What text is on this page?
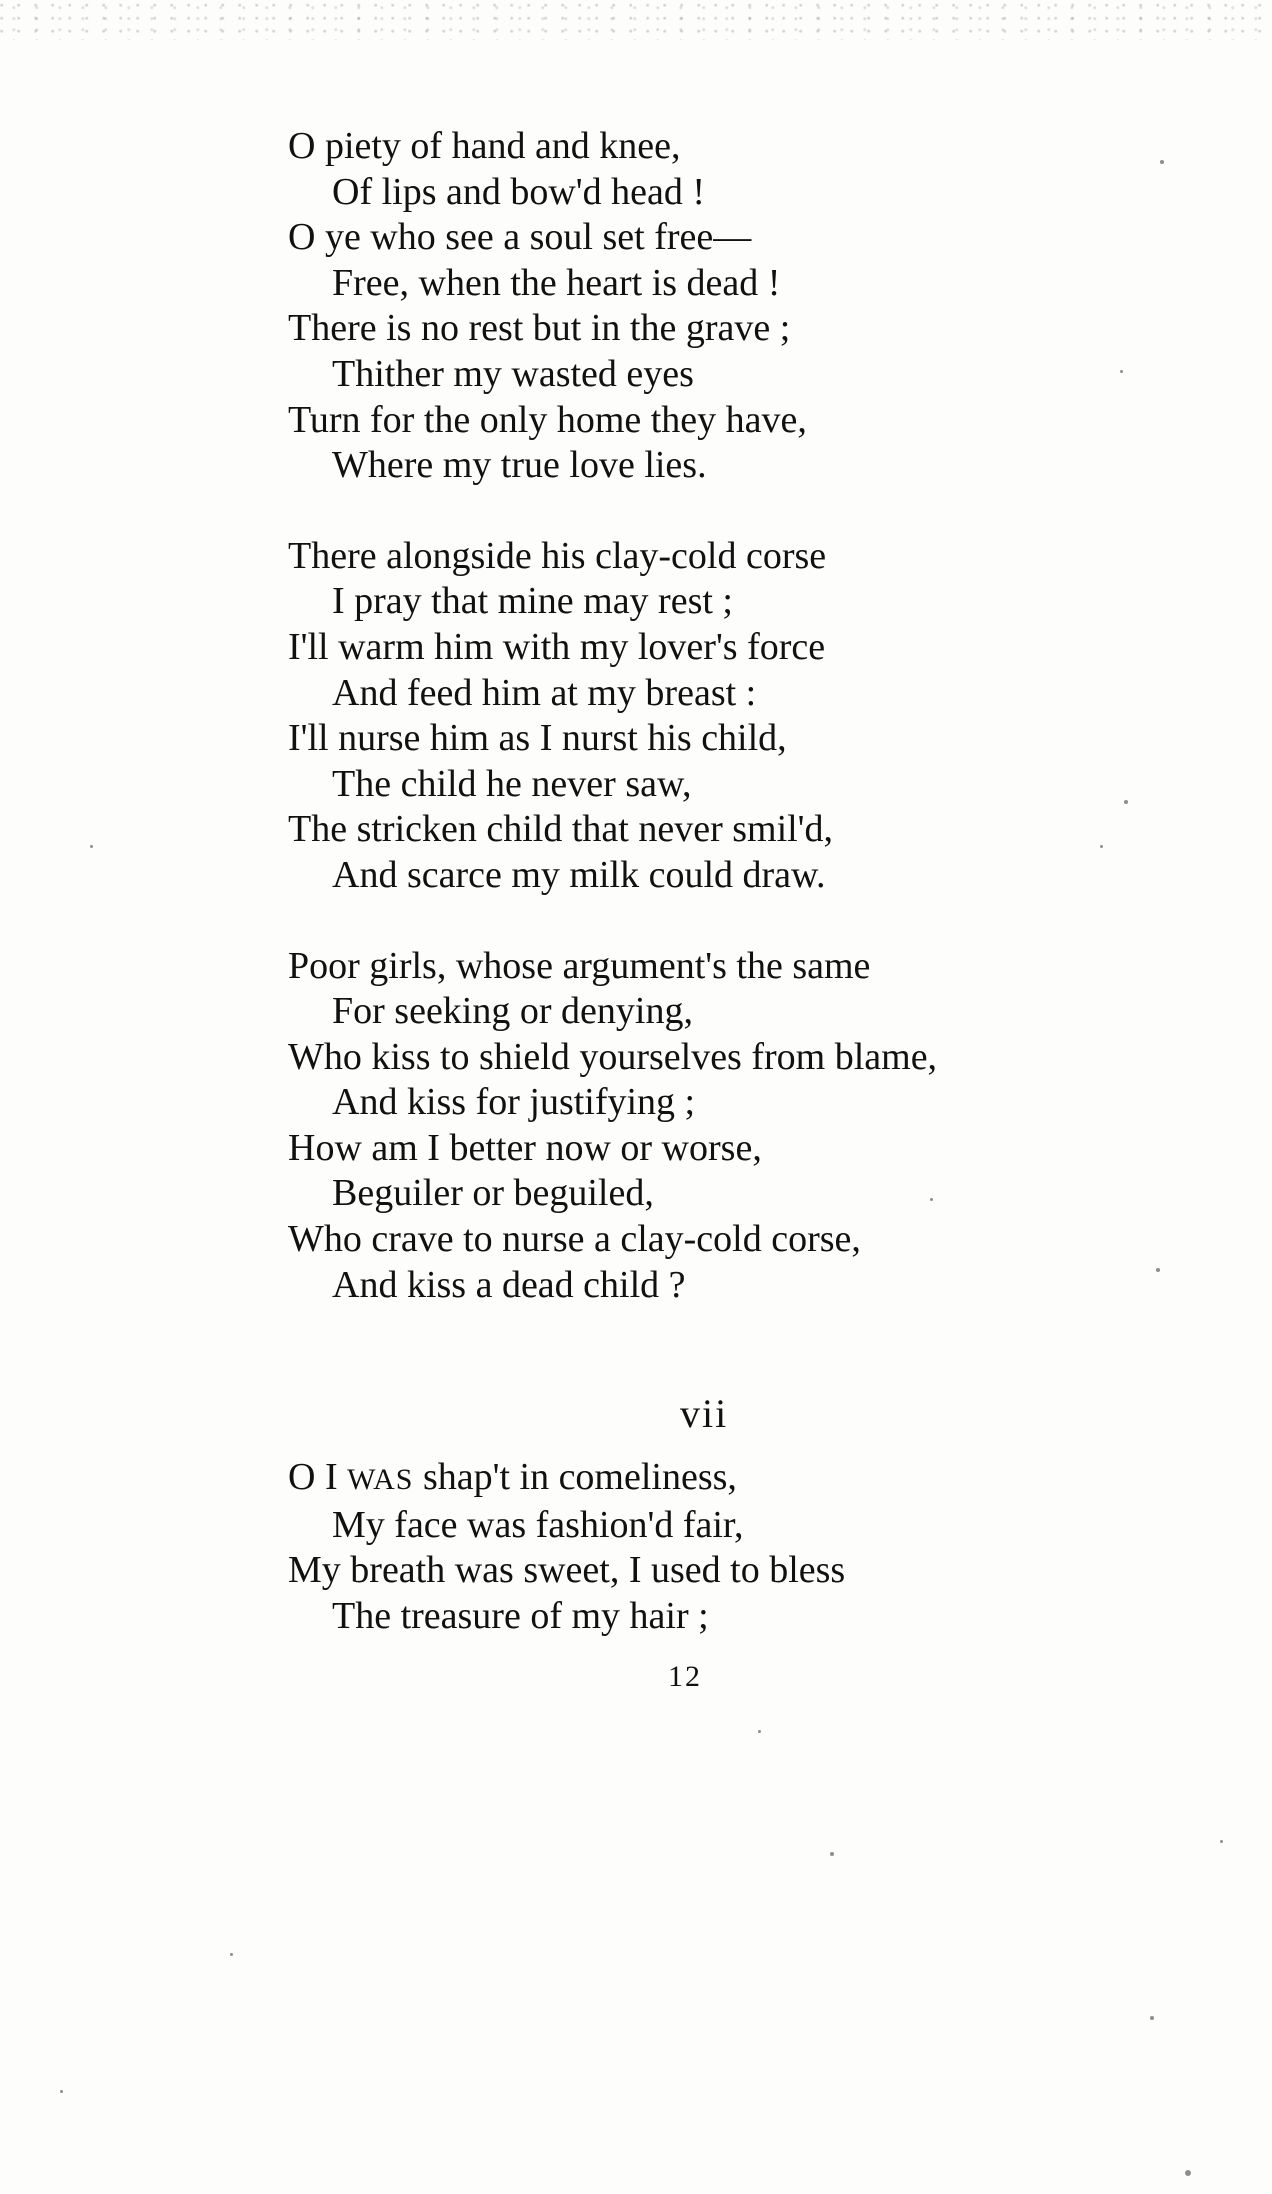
O piety of hand and knee,
Of lips and bow'd head !
O ye who see a soul set free—
Free, when the heart is dead !
There is no rest but in the grave ;
Thither my wasted eyes
Turn for the only home they have,
Where my true love lies.
There alongside his clay-cold corse
I pray that mine may rest ;
I'll warm him with my lover's force
And feed him at my breast :
I'll nurse him as I nurst his child,
The child he never saw,
The stricken child that never smil'd,
And scarce my milk could draw.
Poor girls, whose argument's the same
For seeking or denying,
Who kiss to shield yourselves from blame,
And kiss for justifying ;
How am I better now or worse,
Beguiler or beguiled,
Who crave to nurse a clay-cold corse,
And kiss a dead child ?
vii
O I WAS shap't in comeliness,
My face was fashion'd fair,
My breath was sweet, I used to bless
The treasure of my hair ;
12
